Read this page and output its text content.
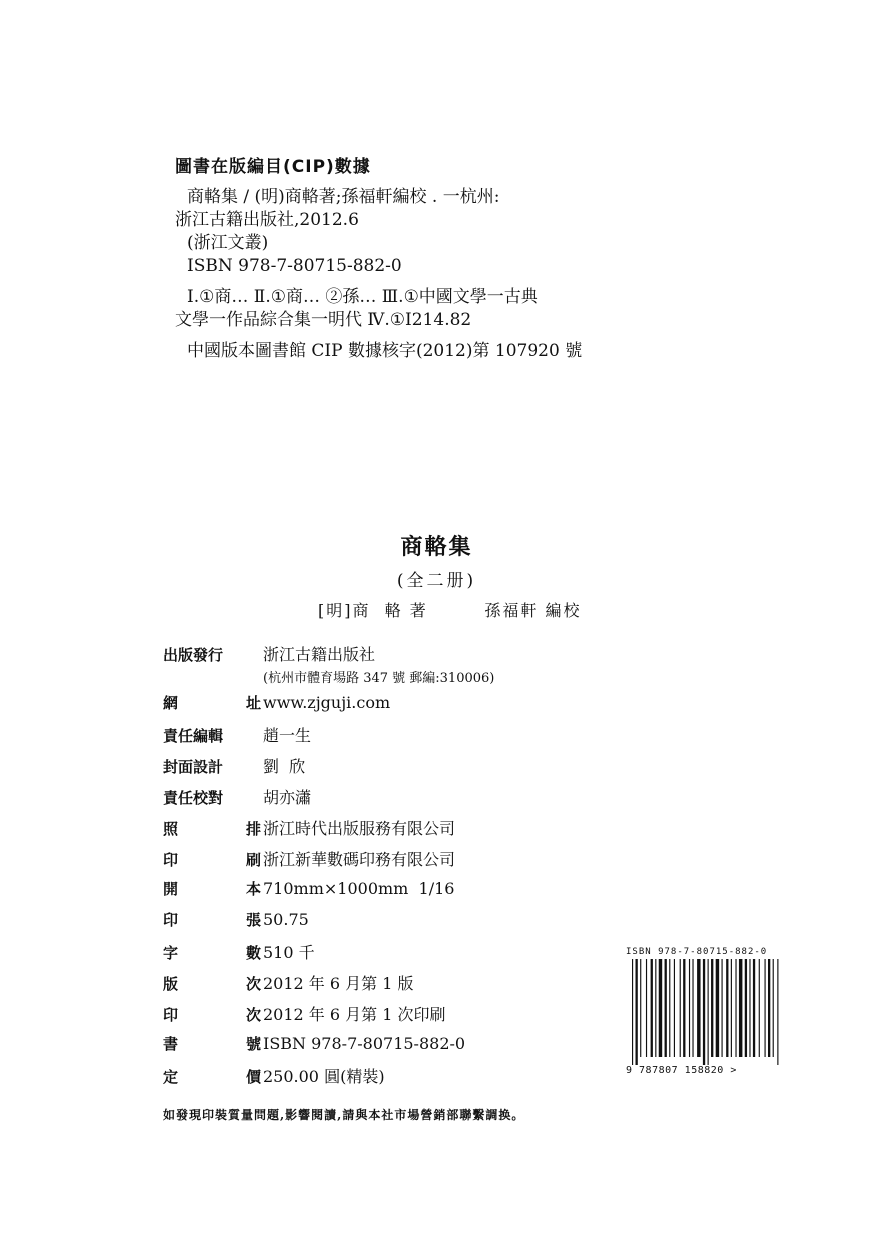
圖書在版編目(CIP)數據
商輅集 / (明)商輅著;孫福軒編校 . 一杭州:
浙江古籍出版社,2012.6
(浙江文叢)
ISBN 978-7-80715-882-0
Ⅰ.①商… Ⅱ.①商… ②孫… Ⅲ.①中國文學一古典
文學一作品綜合集一明代 Ⅳ.①I214.82
中國版本圖書館 CIP 數據核字(2012)第 107920 號
商輅集
(全二册)
[明]商  輅 著        孫福軒 編校
出版發行	浙江古籍出版社
(杭州市體育場路 347 號 郵編:310006)
網	址 www.zjguji.com
責任編輯	趙一生
封面設計	劉  欣
責任校對	胡亦瀟
照	排 浙江時代出版服務有限公司
印	刷 浙江新華數碼印務有限公司
開	本 710mm×1000mm  1/16
印	張 50.75
字	數 510 千
版	次 2012 年 6 月第 1 版
印	次 2012 年 6 月第 1 次印刷
書	號 ISBN 978-7-80715-882-0
定	價 250.00 圓(精裝)
如發現印裝質量問題,影響閱讀,請與本社市場營銷部聯繫調换。
ISBN 978-7-80715-882-0
9 787807 158820 >
